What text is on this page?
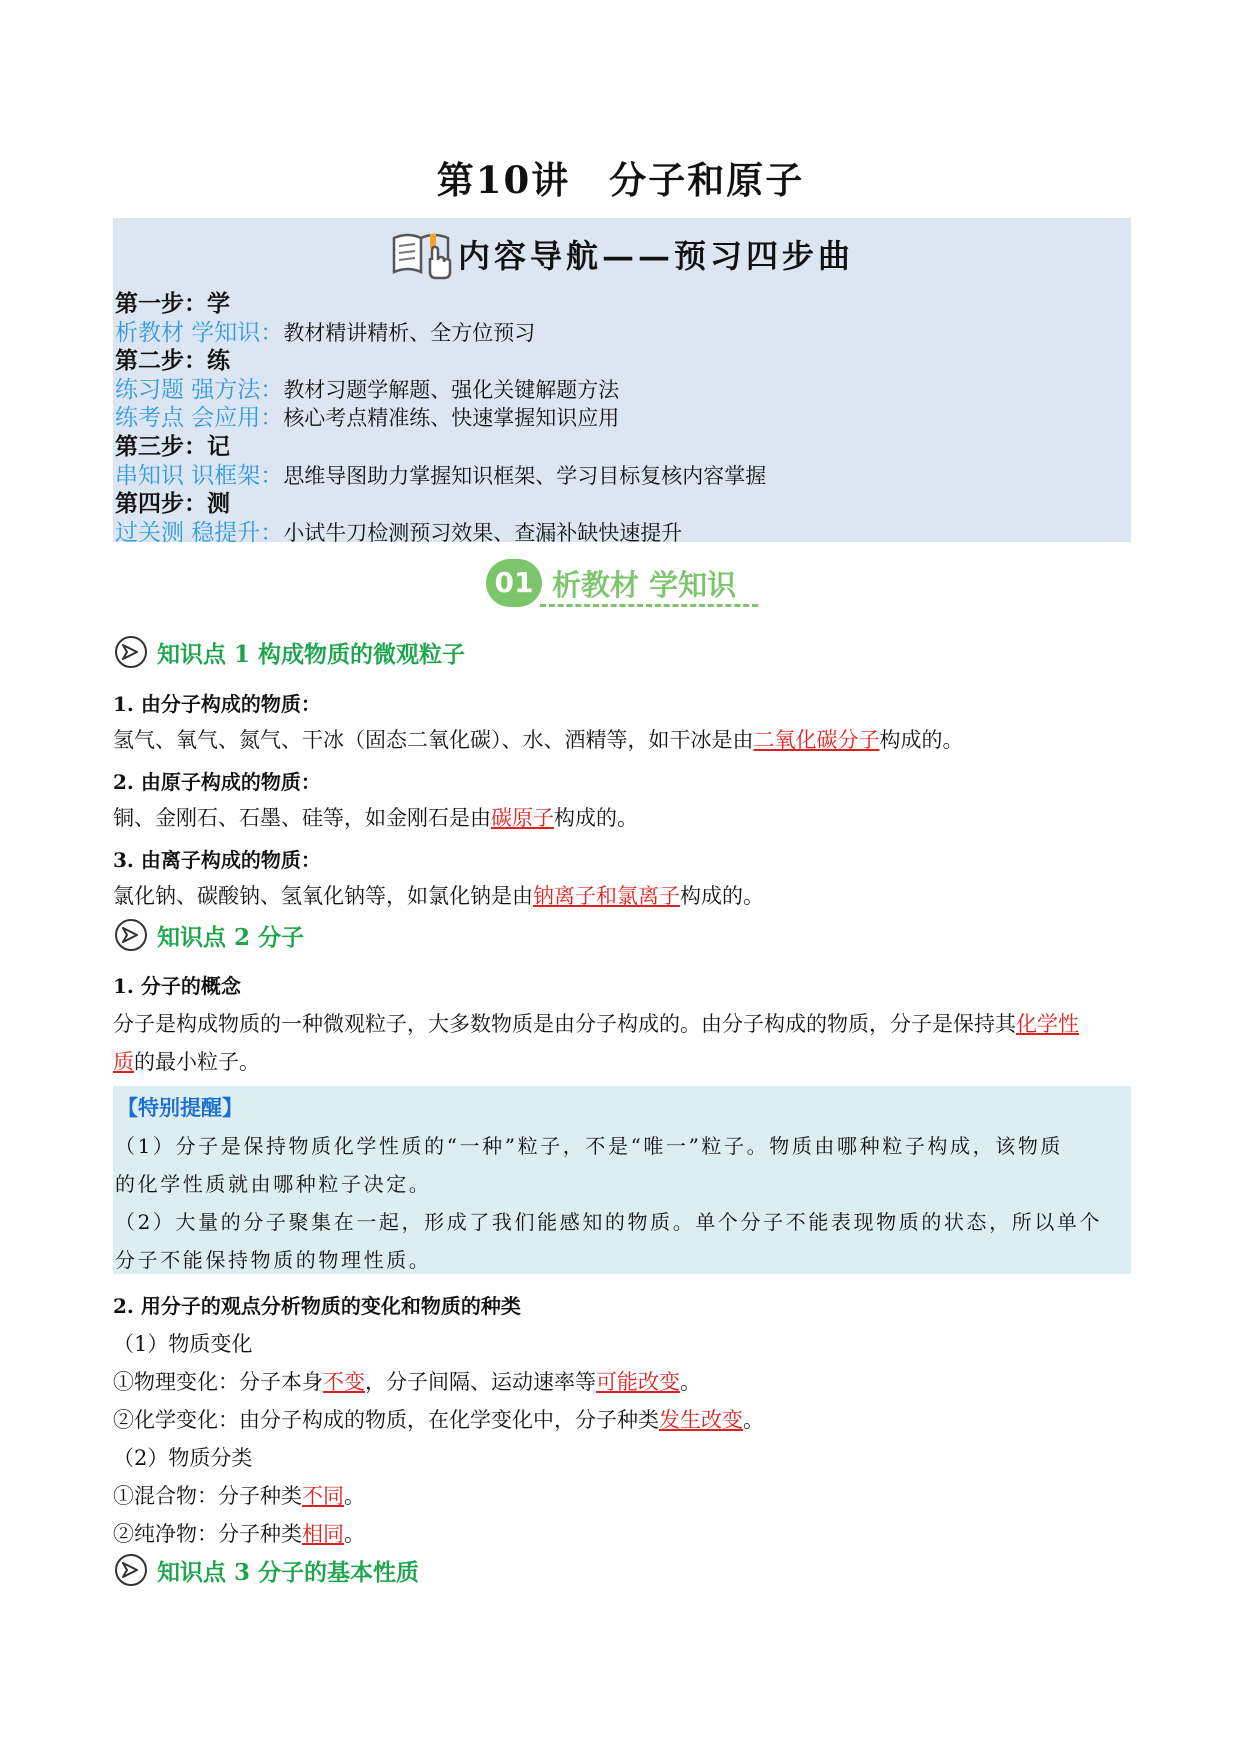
第10讲　分子和原子
内容导航——预习四步曲
第一步：学
析教材 学知识：教材精讲精析、全方位预习
第二步：练
练习题 强方法：教材习题学解题、强化关键解题方法
练考点 会应用：核心考点精准练、快速掌握知识应用
第三步：记
串知识 识框架：思维导图助力掌握知识框架、学习目标复核内容掌握
第四步：测
过关测 稳提升：小试牛刀检测预习效果、查漏补缺快速提升
01 析教材 学知识
知识点 1 构成物质的微观粒子
1. 由分子构成的物质：
氢气、氧气、氮气、干冰（固态二氧化碳）、水、酒精等，如干冰是由二氧化碳分子构成的。
2. 由原子构成的物质：
铜、金刚石、石墨、硅等，如金刚石是由碳原子构成的。
3. 由离子构成的物质：
氯化钠、碳酸钠、氢氧化钠等，如氯化钠是由钠离子和氯离子构成的。
知识点 2 分子
1. 分子的概念
分子是构成物质的一种微观粒子，大多数物质是由分子构成的。由分子构成的物质，分子是保持其化学性
质的最小粒子。
【特别提醒】
（1）分子是保持物质化学性质的“一种”粒子，不是“唯一”粒子。物质由哪种粒子构成，该物质
的化学性质就由哪种粒子决定。
（2）大量的分子聚集在一起，形成了我们能感知的物质。单个分子不能表现物质的状态，所以单个
分子不能保持物质的物理性质。
2. 用分子的观点分析物质的变化和物质的种类
（1）物质变化
①物理变化：分子本身不变，分子间隔、运动速率等可能改变。
②化学变化：由分子构成的物质，在化学变化中，分子种类发生改变。
（2）物质分类
①混合物：分子种类不同。
②纯净物：分子种类相同。
知识点 3 分子的基本性质
